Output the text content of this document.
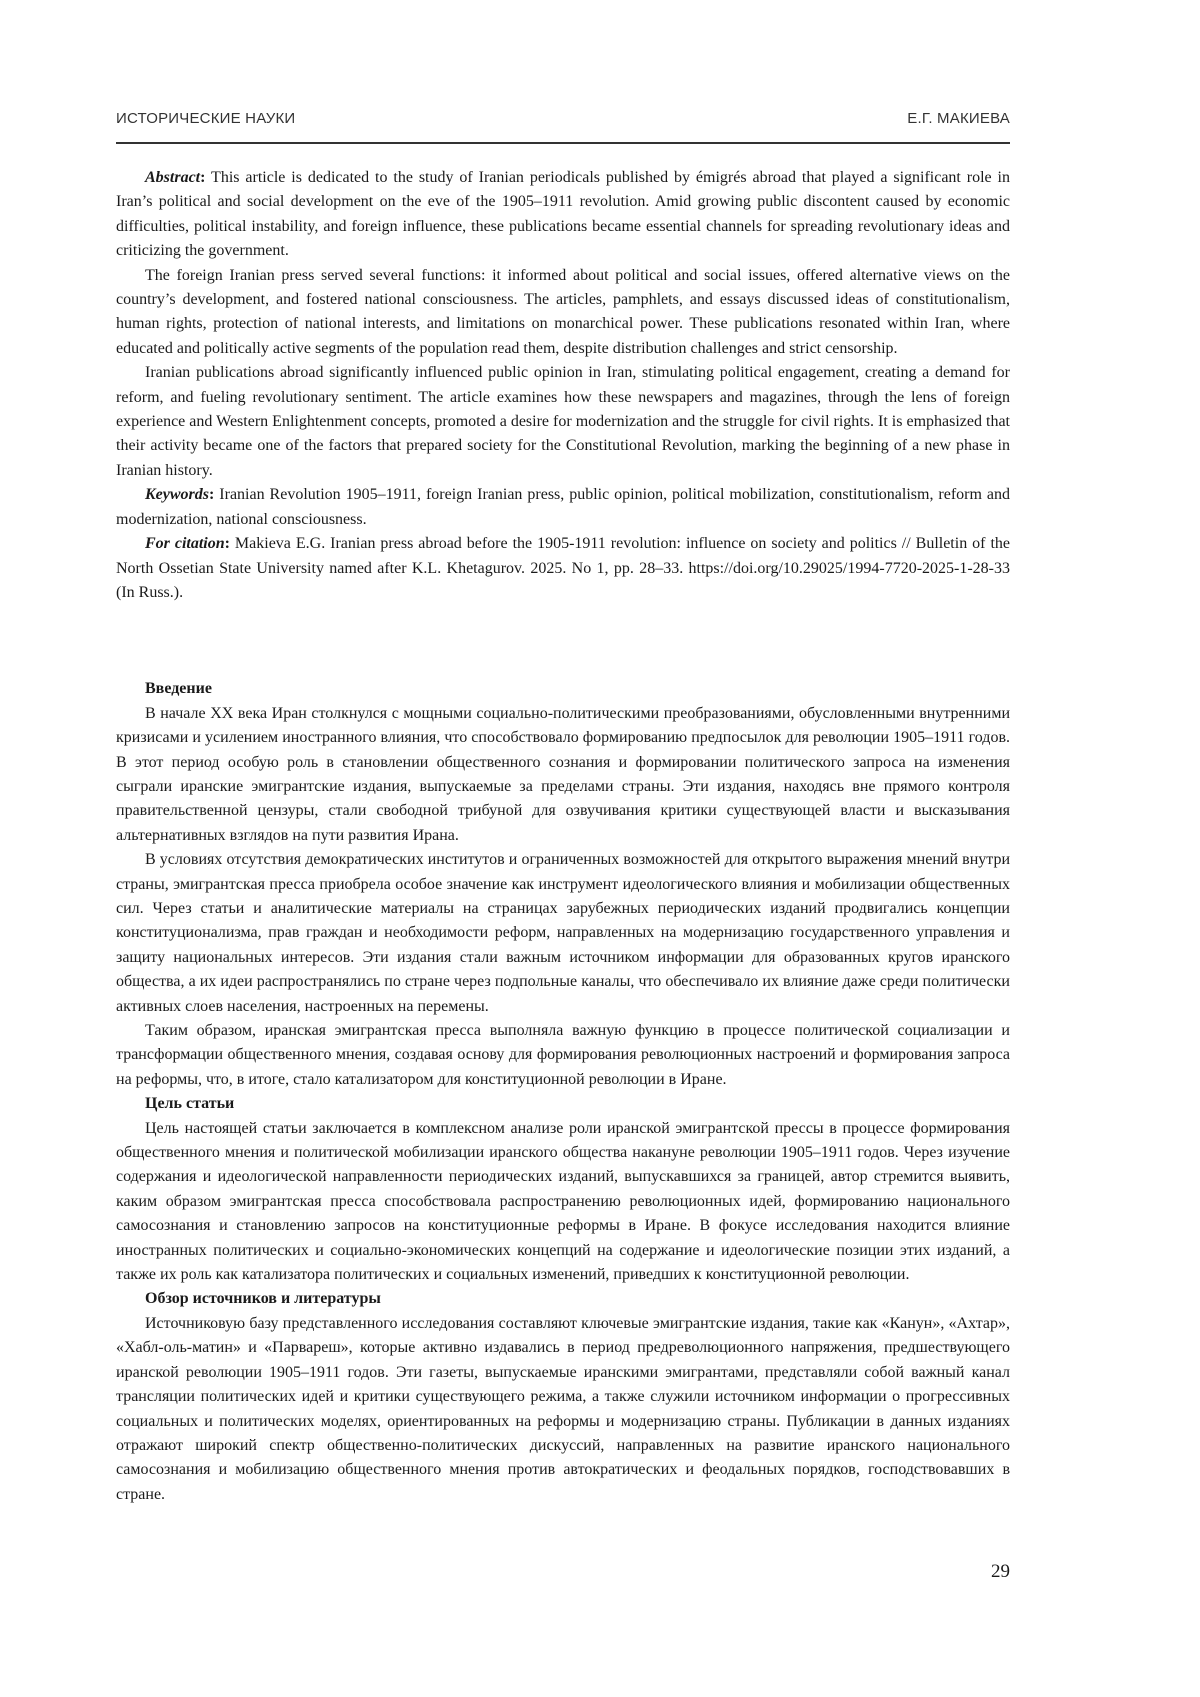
ИСТОРИЧЕСКИЕ НАУКИ	Е.Г. МАКИЕВА

Abstract: This article is dedicated to the study of Iranian periodicals published by émigrés abroad that played a significant role in Iran’s political and social development on the eve of the 1905–1911 revolution. Amid growing public discontent caused by economic difficulties, political instability, and foreign influence, these publications became essential channels for spreading revolutionary ideas and criticizing the government.

The foreign Iranian press served several functions: it informed about political and social issues, offered alternative views on the country’s development, and fostered national consciousness. The articles, pamphlets, and essays discussed ideas of constitutionalism, human rights, protection of national interests, and limitations on monarchical power. These publications resonated within Iran, where educated and politically active segments of the population read them, despite distribution challenges and strict censorship.

Iranian publications abroad significantly influenced public opinion in Iran, stimulating political engagement, creating a demand for reform, and fueling revolutionary sentiment. The article examines how these newspapers and magazines, through the lens of foreign experience and Western Enlightenment concepts, promoted a desire for modernization and the struggle for civil rights. It is emphasized that their activity became one of the factors that prepared society for the Constitutional Revolution, marking the beginning of a new phase in Iranian history.

Keywords: Iranian Revolution 1905–1911, foreign Iranian press, public opinion, political mobilization, constitutionalism, reform and modernization, national consciousness.

For citation: Makieva E.G. Iranian press abroad before the 1905-1911 revolution: influence on society and politics // Bulletin of the North Ossetian State University named after K.L. Khetagurov. 2025. No 1, pp. 28–33. https://doi.org/10.29025/1994-7720-2025-1-28-33 (In Russ.).

Введение

В начале XX века Иран столкнулся с мощными социально-политическими преобразованиями, обусловленными внутренними кризисами и усилением иностранного влияния, что способствовало формированию предпосылок для революции 1905–1911 годов. В этот период особую роль в становлении общественного сознания и формировании политического запроса на изменения сыграли иранские эмигрантские издания, выпускаемые за пределами страны. Эти издания, находясь вне прямого контроля правительственной цензуры, стали свободной трибуной для озвучивания критики существующей власти и высказывания альтернативных взглядов на пути развития Ирана.

В условиях отсутствия демократических институтов и ограниченных возможностей для открытого выражения мнений внутри страны, эмигрантская пресса приобрела особое значение как инструмент идеологического влияния и мобилизации общественных сил. Через статьи и аналитические материалы на страницах зарубежных периодических изданий продвигались концепции конституционализма, прав граждан и необходимости реформ, направленных на модернизацию государственного управления и защиту национальных интересов. Эти издания стали важным источником информации для образованных кругов иранского общества, а их идеи распространялись по стране через подпольные каналы, что обеспечивало их влияние даже среди политически активных слоев населения, настроенных на перемены.

Таким образом, иранская эмигрантская пресса выполняла важную функцию в процессе политической социализации и трансформации общественного мнения, создавая основу для формирования революционных настроений и формирования запроса на реформы, что, в итоге, стало катализатором для конституционной революции в Иране.

Цель статьи

Цель настоящей статьи заключается в комплексном анализе роли иранской эмигрантской прессы в процессе формирования общественного мнения и политической мобилизации иранского общества накануне революции 1905–1911 годов. Через изучение содержания и идеологической направленности периодических изданий, выпускавшихся за границей, автор стремится выявить, каким образом эмигрантская пресса способствовала распространению революционных идей, формированию национального самосознания и становлению запросов на конституционные реформы в Иране. В фокусе исследования находится влияние иностранных политических и социально-экономических концепций на содержание и идеологические позиции этих изданий, а также их роль как катализатора политических и социальных изменений, приведших к конституционной революции.

Обзор источников и литературы

Источниковую базу представленного исследования составляют ключевые эмигрантские издания, такие как «Канун», «Ахтар», «Хабл-оль-матин» и «Парвареш», которые активно издавались в период предреволюционного напряжения, предшествующего иранской революции 1905–1911 годов. Эти газеты, выпускаемые иранскими эмигрантами, представляли собой важный канал трансляции политических идей и критики существующего режима, а также служили источником информации о прогрессивных социальных и политических моделях, ориентированных на реформы и модернизацию страны. Публикации в данных изданиях отражают широкий спектр общественно-политических дискуссий, направленных на развитие иранского национального самосознания и мобилизацию общественного мнения против автократических и феодальных порядков, господствовавших в стране.

29
